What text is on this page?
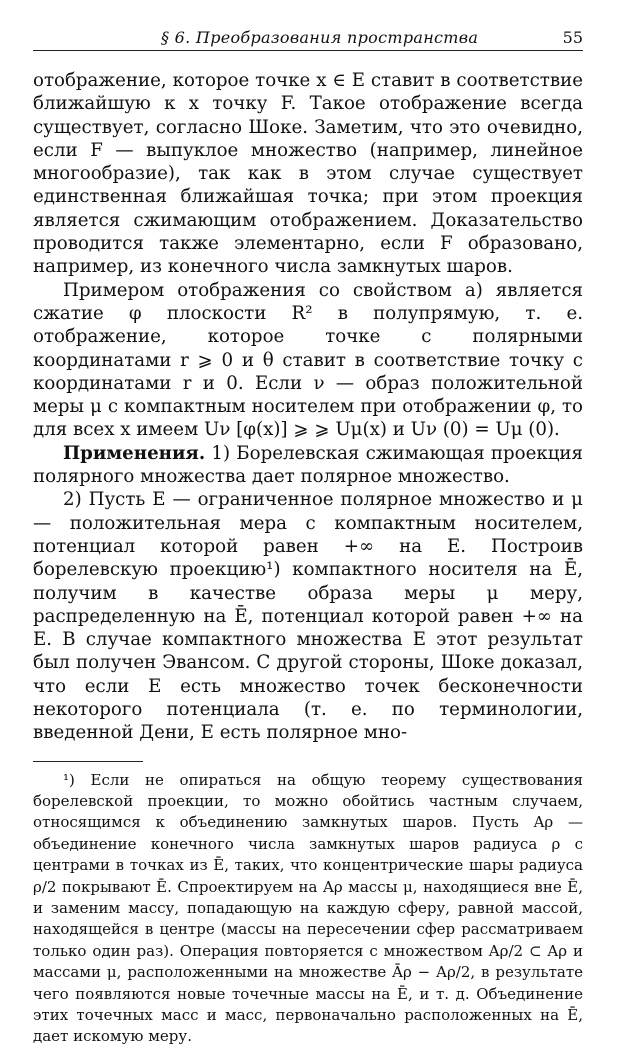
§ 6. Преобразования пространства	55

отображение, которое точке x ∈ E ставит в соответствие ближайшую к x точку F. Такое отображение всегда существует, согласно Шоке. Заметим, что это очевидно, если F — выпуклое множество (например, линейное многообразие), так как в этом случае существует единственная ближайшая точка; при этом проекция является сжимающим отображением. Доказательство проводится также элементарно, если F образовано, например, из конечного числа замкнутых шаров.

Примером отображения со свойством а) является сжатие φ плоскости R² в полупрямую, т. е. отображение, которое точке с полярными координатами r ⩾ 0 и θ ставит в соответствие точку с координатами r и 0. Если ν — образ положительной меры μ с компактным носителем при отображении φ, то для всех x имеем Uν [φ(x)] ⩾ ⩾ Uμ(x) и Uν (0) = Uμ (0).

Применения. 1) Борелевская сжимающая проекция полярного множества дает полярное множество.

2) Пусть E — ограниченное полярное множество и μ — положительная мера с компактным носителем, потенциал которой равен +∞ на E. Построив борелевскую проекцию¹) компактного носителя на Ē, получим в качестве образа меры μ меру, распределенную на Ē, потенциал которой равен +∞ на E. В случае компактного множества E этот результат был получен Эвансом. С другой стороны, Шоке доказал, что если E есть множество точек бесконечности некоторого потенциала (т. е. по терминологии, введенной Дени, E есть полярное мно-

¹) Если не опираться на общую теорему существования борелевской проекции, то можно обойтись частным случаем, относящимся к объединению замкнутых шаров. Пусть Aρ — объединение конечного числа замкнутых шаров радиуса ρ с центрами в точках из Ē, таких, что концентрические шары радиуса ρ/2 покрывают Ē. Спроектируем на Aρ массы μ, находящиеся вне Ē, и заменим массу, попадающую на каждую сферу, равной массой, находящейся в центре (массы на пересечении сфер рассматриваем только один раз). Операция повторяется с множеством Aρ/2 ⊂ Aρ и массами μ, расположенными на множестве Āρ − Aρ/2, в результате чего появляются новые точечные массы на Ē, и т. д. Объединение этих точечных масс и масс, первоначально расположенных на Ē, дает искомую меру.
